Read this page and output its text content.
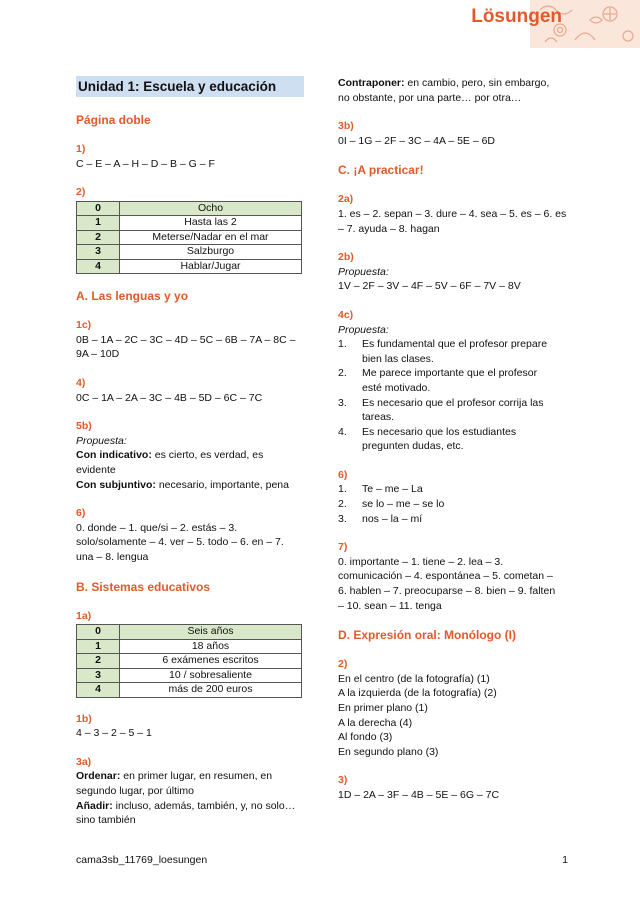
Lösungen
Unidad 1: Escuela y educación
Página doble
1)
C – E – A – H – D – B – G – F
2)
0	Ocho
1	Hasta las 2
2	Meterse/Nadar en el mar
3	Salzburgo
4	Hablar/Jugar
A. Las lenguas y yo
1c)
0B – 1A – 2C – 3C – 4D – 5C – 6B – 7A – 8C –
9A – 10D
4)
0C – 1A – 2A – 3C – 4B – 5D – 6C – 7C
5b)
Propuesta:
Con indicativo: es cierto, es verdad, es
evidente
Con subjuntivo: necesario, importante, pena
6)
0. donde – 1. que/si – 2. estás – 3.
solo/solamente – 4. ver – 5. todo – 6. en – 7.
una – 8. lengua
B. Sistemas educativos
1a)
0	Seis años
1	18 años
2	6 exámenes escritos
3	10 / sobresaliente
4	más de 200 euros
1b)
4 – 3 – 2 – 5 – 1
3a)
Ordenar: en primer lugar, en resumen, en
segundo lugar, por último
Añadir: incluso, además, también, y, no solo…
sino también
Contraponer: en cambio, pero, sin embargo,
no obstante, por una parte… por otra…
3b)
0I – 1G – 2F – 3C – 4A – 5E – 6D
C. ¡A practicar!
2a)
1. es – 2. sepan – 3. dure – 4. sea – 5. es – 6. es
– 7. ayuda – 8. hagan
2b)
Propuesta:
1V – 2F – 3V – 4F – 5V – 6F – 7V – 8V
4c)
Propuesta:
1. Es fundamental que el profesor prepare
bien las clases.
2. Me parece importante que el profesor
esté motivado.
3. Es necesario que el profesor corrija las
tareas.
4. Es necesario que los estudiantes
pregunten dudas, etc.
6)
1. Te – me – La
2. se lo – me – se lo
3. nos – la – mí
7)
0. importante – 1. tiene – 2. lea – 3.
comunicación – 4. espontánea – 5. cometan –
6. hablen – 7. preocuparse – 8. bien – 9. falten
– 10. sean – 11. tenga
D. Expresión oral: Monólogo (I)
2)
En el centro (de la fotografía) (1)
A la izquierda (de la fotografía) (2)
En primer plano (1)
A la derecha (4)
Al fondo (3)
En segundo plano (3)
3)
1D – 2A – 3F – 4B – 5E – 6G – 7C
cama3sb_11769_loesungen	1
